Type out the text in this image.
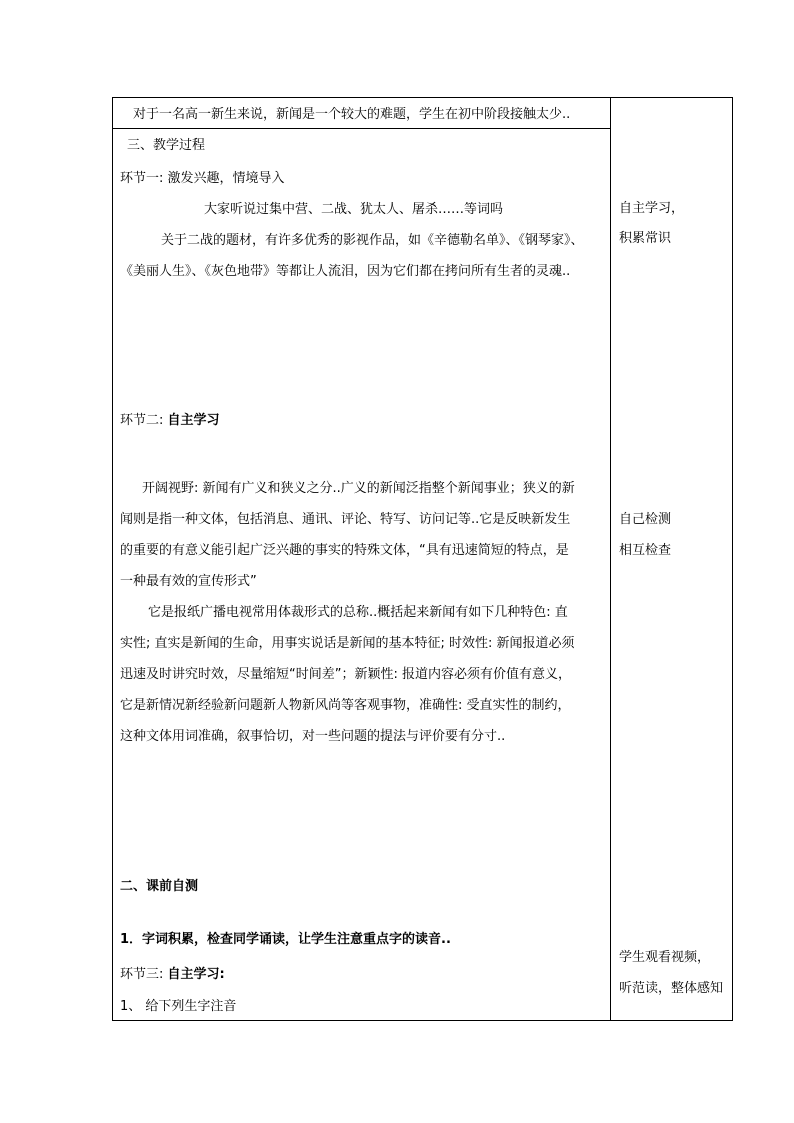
对于一名高一新生来说，新闻是一个较大的难题，学生在初中阶段接触太少..
三、教学过程
环节一: 激发兴趣，情境导入
大家听说过集中营、二战、犹太人、屠杀……等词吗
关于二战的题材，有许多优秀的影视作品，如《辛德勒名单》、《钢琴家》、
《美丽人生》、《灰色地带》等都让人流泪，因为它们都在拷问所有生者的灵魂..
环节二: 自主学习
开阔视野: 新闻有广义和狭义之分..广义的新闻泛指整个新闻事业；狭义的新
闻则是指一种文体，包括消息、通讯、评论、特写、访问记等..它是反映新发生
的重要的有意义能引起广泛兴趣的事实的特殊文体，“具有迅速简短的特点，是
一种最有效的宣传形式”
它是报纸广播电视常用体裁形式的总称..概括起来新闻有如下几种特色: 直
实性; 直实是新闻的生命，用事实说话是新闻的基本特征; 时效性: 新闻报道必须
迅速及时讲究时效，尽量缩短“时间差”；新颖性: 报道内容必须有价值有意义，
它是新情况新经验新问题新人物新风尚等客观事物，准确性: 受直实性的制约，
这种文体用词准确，叙事恰切，对一些问题的提法与评价要有分寸..
二、课前自测
1．字词积累，检查同学诵读，让学生注意重点字的读音..
环节三: 自主学习:
1、 给下列生字注音
自主学习，
积累常识
自己检测
相互检查
学生观看视频，
听范读，整体感知
